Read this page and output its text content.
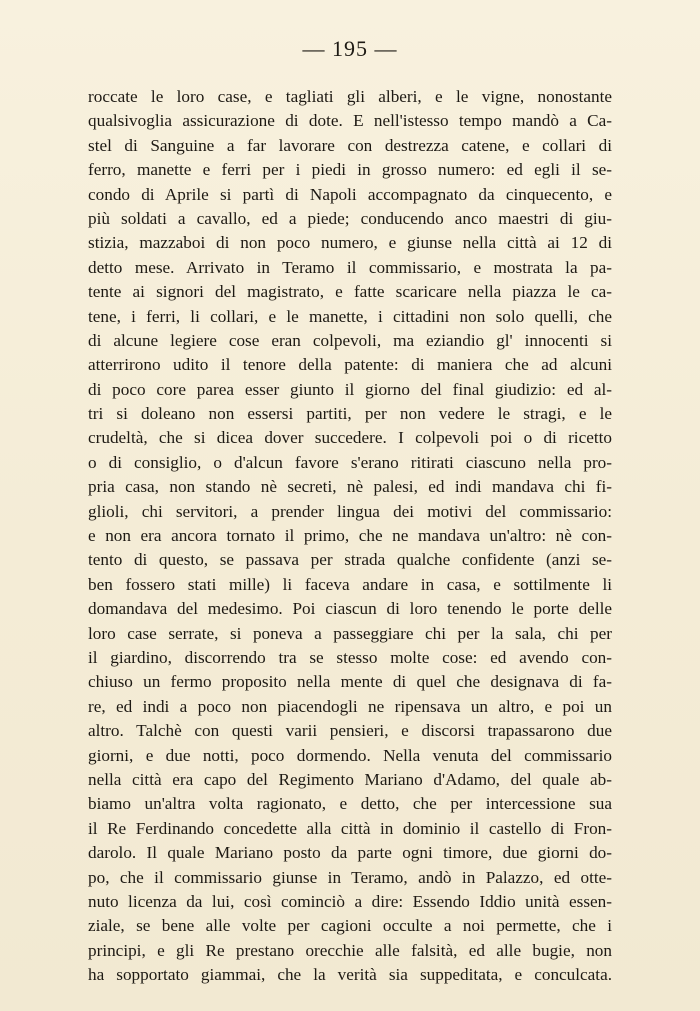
— 195 —
roccate le loro case, e tagliati gli alberi, e le vigne, nonostante
qualsivoglia assicurazione di dote. E nell'istesso tempo mandò a Ca-
stel di Sanguine a far lavorare con destrezza catene, e collari di
ferro, manette e ferri per i piedi in grosso numero: ed egli il se-
condo di Aprile si partì di Napoli accompagnato da cinquecento, e
più soldati a cavallo, ed a piede; conducendo anco maestri di giu-
stizia, mazzaboi di non poco numero, e giunse nella città ai 12 di
detto mese. Arrivato in Teramo il commissario, e mostrata la pa-
tente ai signori del magistrato, e fatte scaricare nella piazza le ca-
tene, i ferri, li collari, e le manette, i cittadini non solo quelli, che
di alcune legiere cose eran colpevoli, ma eziandio gl' innocenti si
atterrirono udito il tenore della patente: di maniera che ad alcuni
di poco core parea esser giunto il giorno del final giudizio: ed al-
tri si doleano non essersi partiti, per non vedere le stragi, e le
crudeltà, che si dicea dover succedere. I colpevoli poi o di ricetto
o di consiglio, o d'alcun favore s'erano ritirati ciascuno nella pro-
pria casa, non stando nè secreti, nè palesi, ed indi mandava chi fi-
glioli, chi servitori, a prender lingua dei motivi del commissario:
e non era ancora tornato il primo, che ne mandava un'altro: nè con-
tento di questo, se passava per strada qualche confidente (anzi se-
ben fossero stati mille) li faceva andare in casa, e sottilmente li
domandava del medesimo. Poi ciascun di loro tenendo le porte delle
loro case serrate, si poneva a passeggiare chi per la sala, chi per
il giardino, discorrendo tra se stesso molte cose: ed avendo con-
chiuso un fermo proposito nella mente di quel che designava di fa-
re, ed indi a poco non piacendogli ne ripensava un altro, e poi un
altro. Talchè con questi varii pensieri, e discorsi trapassarono due
giorni, e due notti, poco dormendo. Nella venuta del commissario
nella città era capo del Regimento Mariano d'Adamo, del quale ab-
biamo un'altra volta ragionato, e detto, che per intercessione sua
il Re Ferdinando concedette alla città in dominio il castello di Fron-
darolo. Il quale Mariano posto da parte ogni timore, due giorni do-
po, che il commissario giunse in Teramo, andò in Palazzo, ed otte-
nuto licenza da lui, così cominciò a dire: Essendo Iddio unità essen-
ziale, se bene alle volte per cagioni occulte a noi permette, che i
principi, e gli Re prestano orecchie alle falsità, ed alle bugie, non
ha sopportato giammai, che la verità sia suppeditata, e conculcata.
